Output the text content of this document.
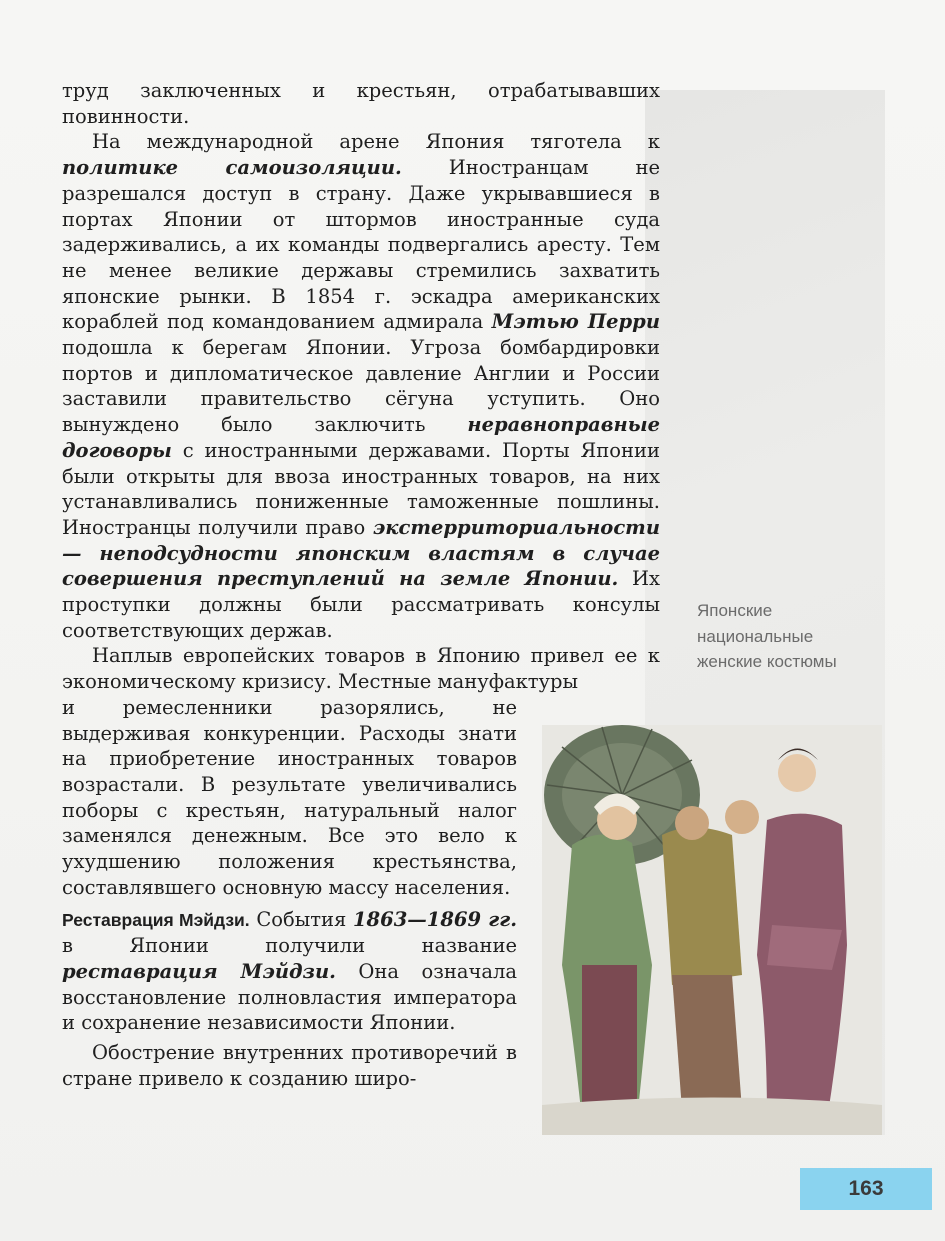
труд заключенных и крестьян, отрабатывавших повинности.

На международной арене Япония тяготела к политике самоизоляции. Иностранцам не разрешался доступ в страну. Даже укрывавшиеся в портах Японии от штормов иностранные суда задерживались, а их команды подвергались аресту. Тем не менее великие державы стремились захватить японские рынки. В 1854 г. эскадра американских кораблей под командованием адмирала Мэтью Перри подошла к берегам Японии. Угроза бомбардировки портов и дипломатическое давление Англии и России заставили правительство сёгуна уступить. Оно вынуждено было заключить неравноправные договоры с иностранными державами. Порты Японии были открыты для ввоза иностранных товаров, на них устанавливались пониженные таможенные пошлины. Иностранцы получили право экстерриториальности — неподсудности японским властям в случае совершения преступлений на земле Японии. Их проступки должны были рассматривать консулы соответствующих держав.

Наплыв европейских товаров в Японию привел ее к экономическому кризису. Местные мануфактуры

и ремесленники разорялись, не выдерживая конкуренции. Расходы знати на приобретение иностранных товаров возрастали. В результате увеличивались поборы с крестьян, натуральный налог заменялся денежным. Все это вело к ухудшению положения крестьянства, составлявшего основную массу населения.

Реставрация Мэйдзи. События 1863—1869 гг. в Японии получили название реставрация Мэйдзи. Она означала восстановление полновластия императора и сохранение независимости Японии.

Обострение внутренних противоречий в стране привело к созданию широ-

Японские национальные женские костюмы
163
